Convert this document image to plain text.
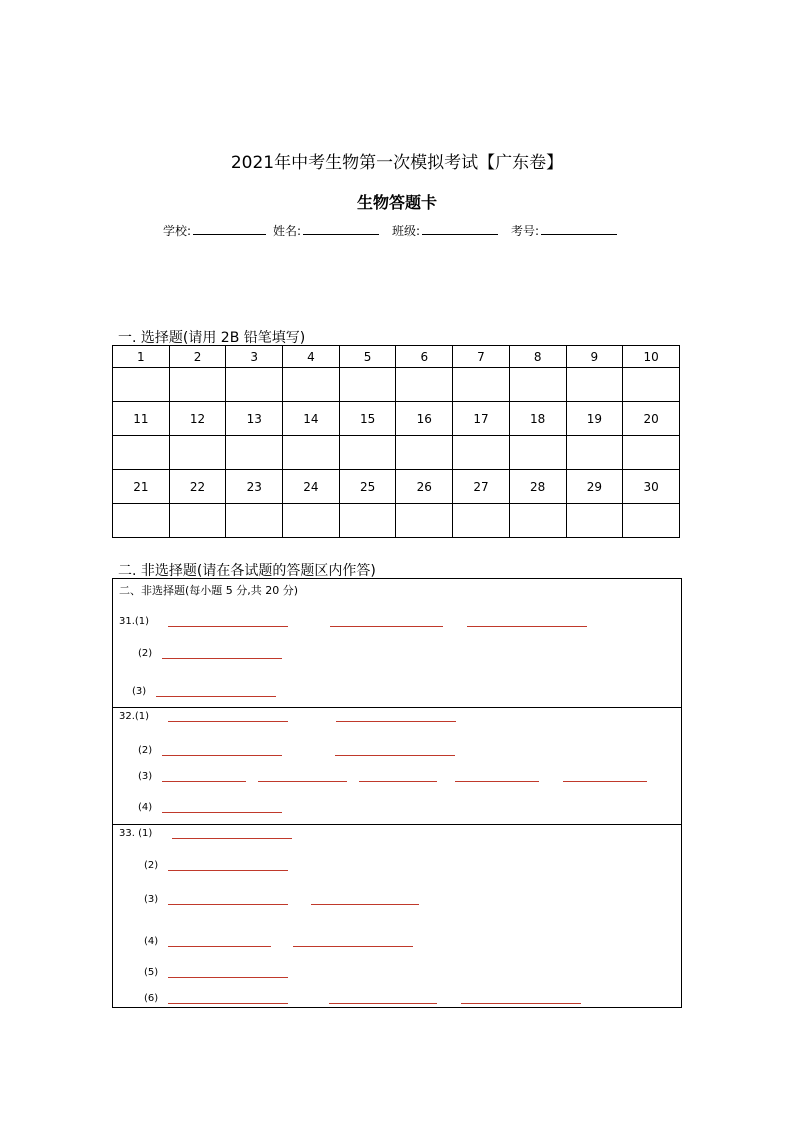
2021年中考生物第一次模拟考试【广东卷】
生物答题卡
学校:	姓名:	班级:	考号:
一. 选择题(请用 2B 铅笔填写)
1	2	3	4	5	6	7	8	9	10

11	12	13	14	15	16	17	18	19	20

21	22	23	24	25	26	27	28	29	30

二. 非选择题(请在各试题的答题区内作答)
二、非选择题(每小题 5 分,共 20 分)
31.(1)
(2)
(3)
32.(1)
(2)
(3)
(4)
33. (1)
(2)
(3)
(4)
(5)
(6)
